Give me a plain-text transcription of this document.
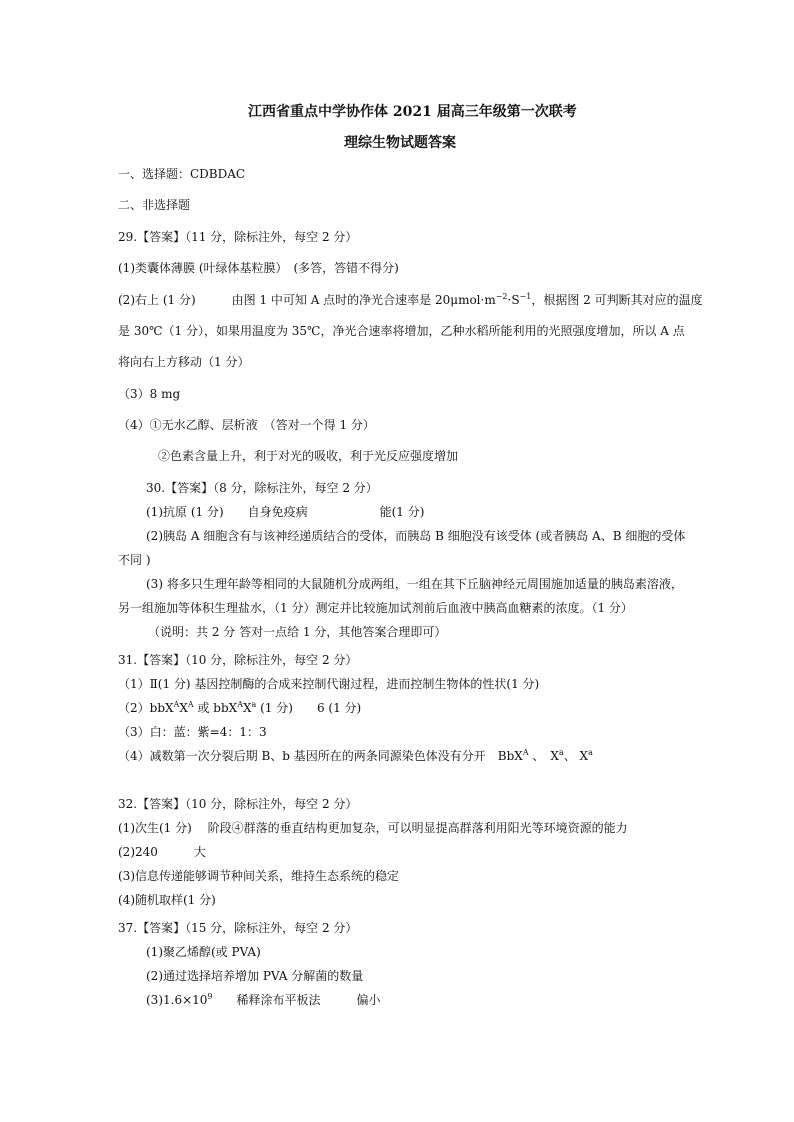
江西省重点中学协作体 2021 届高三年级第一次联考
理综生物试题答案
一、选择题：CDBDAC
二、非选择题
29.【答案】（11 分，除标注外，每空 2 分）
(1)类囊体薄膜 (叶绿体基粒膜）　(多答，答错不得分)
(2)右上 (1 分)　　　由图 1 中可知 A 点时的净光合速率是 $20\mu mol\cdot m^{-2}\cdot S^{-1}$，根据图 2 可判断其对应的温度
是 30℃（1 分），如果用温度为 35℃，净光合速率将增加，乙种水稻所能利用的光照强度增加，所以 A 点
将向右上方移动（1 分）
（3）8 mg
（4）①无水乙醇、层析液　（答对一个得 1 分）
②色素含量上升，利于对光的吸收，利于光反应强度增加
30.【答案】（8 分，除标注外，每空 2 分）
(1)抗原 (1 分)　　自身免疫病　　　　　　能(1 分)
(2)胰岛 A 细胞含有与该神经递质结合的受体，而胰岛 B 细胞没有该受体 (或者胰岛 A、B 细胞的受体
不同 )
(3) 将多只生理年龄等相同的大鼠随机分成两组，一组在其下丘脑神经元周围施加适量的胰岛素溶液，
另一组施加等体积生理盐水，（1 分）测定并比较施加试剂前后血液中胰高血糖素的浓度。（1 分）
（说明：共 2 分 答对一点给 1 分，其他答案合理即可）
31.【答案】（10 分，除标注外，每空 2 分）
（1）Ⅱ(1 分) 基因控制酶的合成来控制代谢过程，进而控制生物体的性状(1 分)
$(2)bbX^AX^A$ 或 $bbX^AX^a$ (1 分)　　6 (1 分)
（3）白：蓝：紫=4：1：3
（4）减数第一次分裂后期 B、b 基因所在的两条同源染色体没有分开　BbX$^A$ 、　$X^a$、 $X^a$
32.【答案】（10 分，除标注外，每空 2 分）
(1)次生(1 分)　 阶段④群落的垂直结构更加复杂，可以明显提高群落利用阳光等环境资源的能力
(2)240　　　大
(3)信息传递能够调节种间关系，维持生态系统的稳定
(4)随机取样(1 分)
37.【答案】（15 分，除标注外，每空 2 分）
(1)聚乙烯醇(或 PVA)
(2)通过选择培养增加 PVA 分解菌的数量
$(3)1.6\times 10^9$　　稀释涂布平板法　　　偏小
